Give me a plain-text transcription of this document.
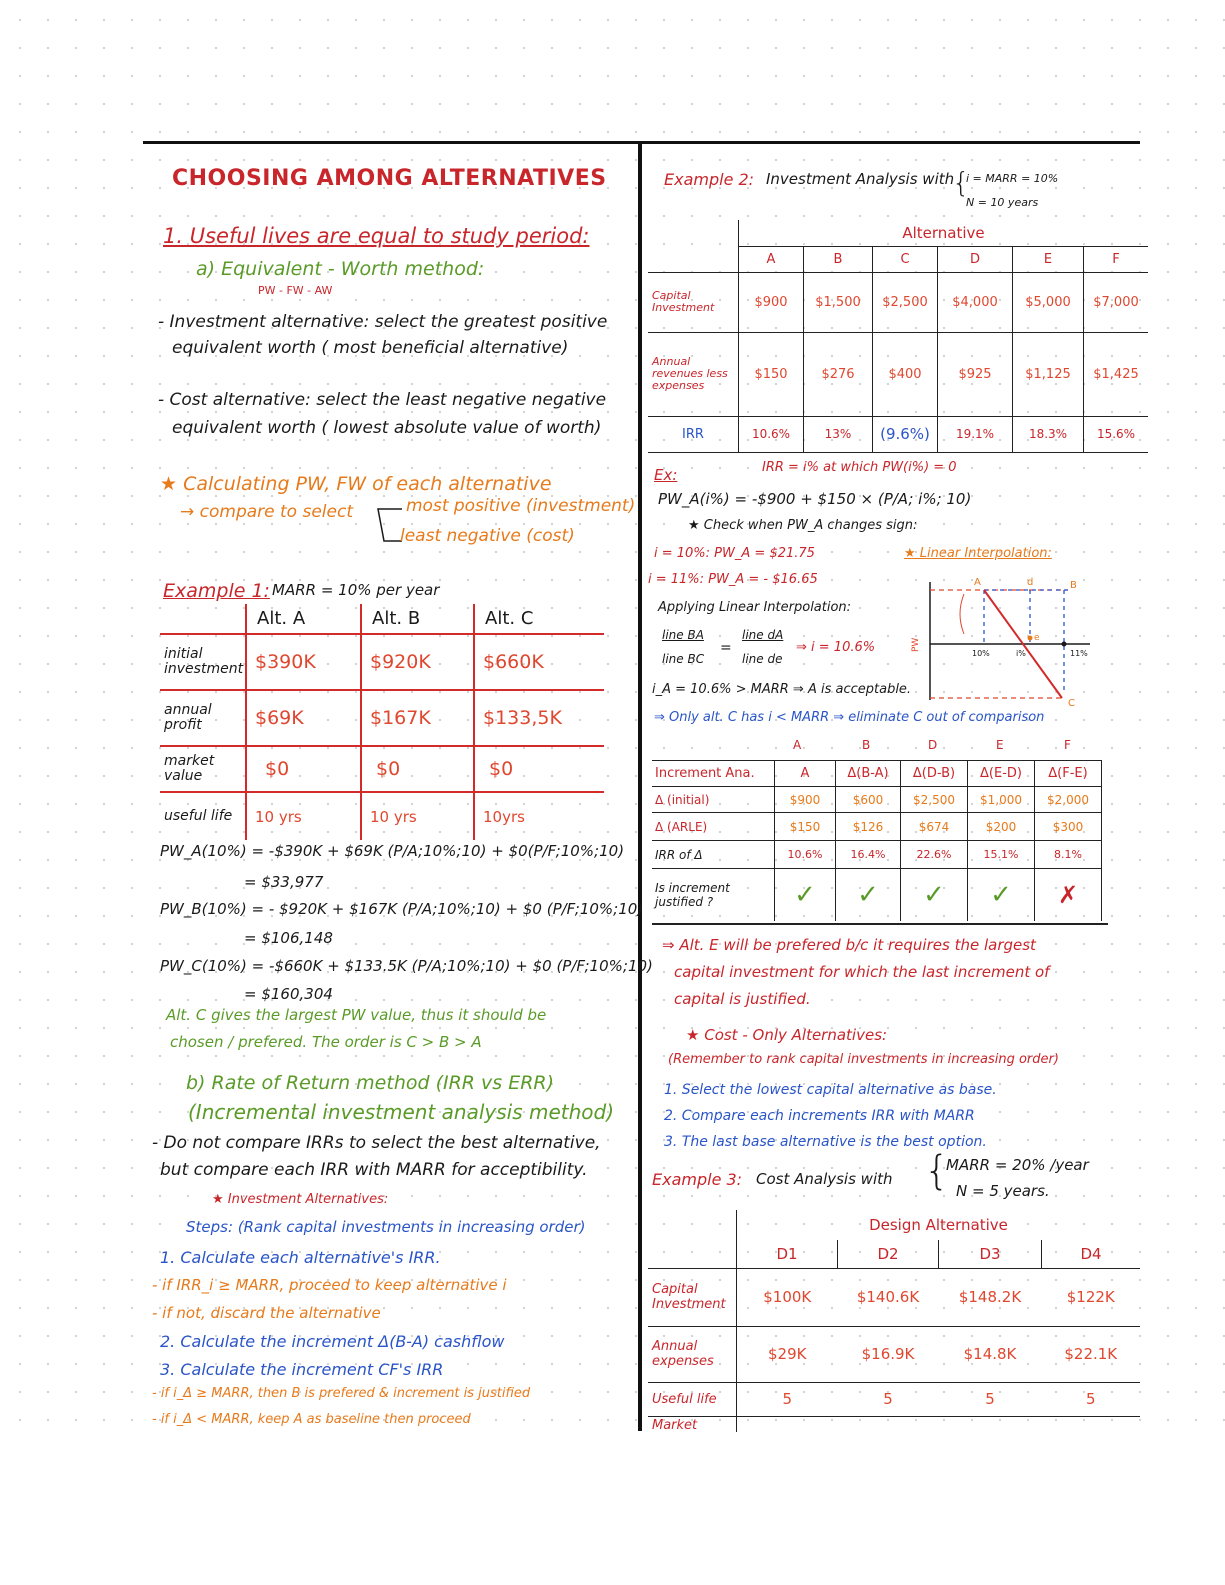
CHOOSING AMONG ALTERNATIVES
1. Useful lives are equal to study period:
a) Equivalent - Worth method:
PW - FW - AW
- Investment alternative: select the greatest positive
equivalent worth ( most beneficial alternative)
- Cost alternative: select the least negative negative
equivalent worth ( lowest absolute value of worth)
★ Calculating PW, FW of each alternative
→ compare to select	most positive (investment)
least negative (cost)
Example 1: MARR = 10% per year
	Alt. A	Alt. B	Alt. C
initial investment	$390K	$920K	$660K
annual profit	$69K	$167K	$133,5K
market value	$0	$0	$0
useful life	10 yrs	10 yrs	10yrs
PW_A(10%) = -$390K + $69K (P/A;10%;10) + $0(P/F;10%;10)
= $33,977
PW_B(10%) = - $920K + $167K (P/A;10%;10) + $0 (P/F;10%;10)
= $106,148
PW_C(10%) = -$660K + $133.5K (P/A;10%;10) + $0 (P/F;10%;10)
= $160,304
Alt. C gives the largest PW value, thus it should be
chosen / prefered. The order is C > B > A
b) Rate of Return method (IRR vs ERR)
(Incremental investment analysis method)
- Do not compare IRRs to select the best alternative,
but compare each IRR with MARR for acceptibility.
★ Investment Alternatives:
Steps: (Rank capital investments in increasing order)
1. Calculate each alternative's IRR.
- if IRR_i ≥ MARR, proceed to keep alternative i
- if not, discard the alternative
2. Calculate the increment Δ(B-A) cashflow
3. Calculate the increment CF's IRR
- if i_Δ ≥ MARR, then B is prefered & increment is justified
- if i_Δ < MARR, keep A as baseline then proceed
Example 2: Investment Analysis with
{
i = MARR = 10%
N = 10 years
	Alternative					
	A	B	C	D	E	F
Capital Investment	$900	$1,500	$2,500	$4,000	$5,000	$7,000
Annual revenues less expenses	$150	$276	$400	$925	$1,125	$1,425
IRR	10.6%	13%	(9.6%)	19.1%	18.3%	15.6%
Ex:	IRR = i% at which PW(i%) = 0
PW_A(i%) = -$900 + $150 × (P/A; i%; 10)
★ Check when PW_A changes sign:
i = 10%: PW_A = $21.75
i = 11%: PW_A = - $16.65
★ Linear Interpolation:
Applying Linear Interpolation:
line BA
line BC
=
line dA
line de
⇒ i = 10.6%
i_A = 10.6% > MARR ⇒ A is acceptable.
A	d	B
e
C
10%	i%	11%
PW
⇒ Only alt. C has i < MARR ⇒ eliminate C out of comparison
A	B	D	E	F
Increment Ana.	A	Δ(B-A)	Δ(D-B)	Δ(E-D)	Δ(F-E)
Δ (initial)	$900	$600	$2,500	$1,000	$2,000
Δ (ARLE)	$150	$126	$674	$200	$300
IRR of Δ	10.6%	16.4%	22.6%	15.1%	8.1%
Is increment justified ?	✓	✓	✓	✓	✗
⇒ Alt. E will be prefered b/c it requires the largest
capital investment for which the last increment of
capital is justified.
★ Cost - Only Alternatives:
(Remember to rank capital investments in increasing order)
1. Select the lowest capital alternative as base.
2. Compare each increments IRR with MARR
3. The last base alternative is the best option.
Example 3: Cost Analysis with {
MARR = 20% /year
N = 5 years.
	Design Alternative			
	D1	D2	D3	D4
Capital Investment	$100K	$140.6K	$148.2K	$122K
Annual expenses	$29K	$16.9K	$14.8K	$22.1K
Useful life	5	5	5	5
Market				
